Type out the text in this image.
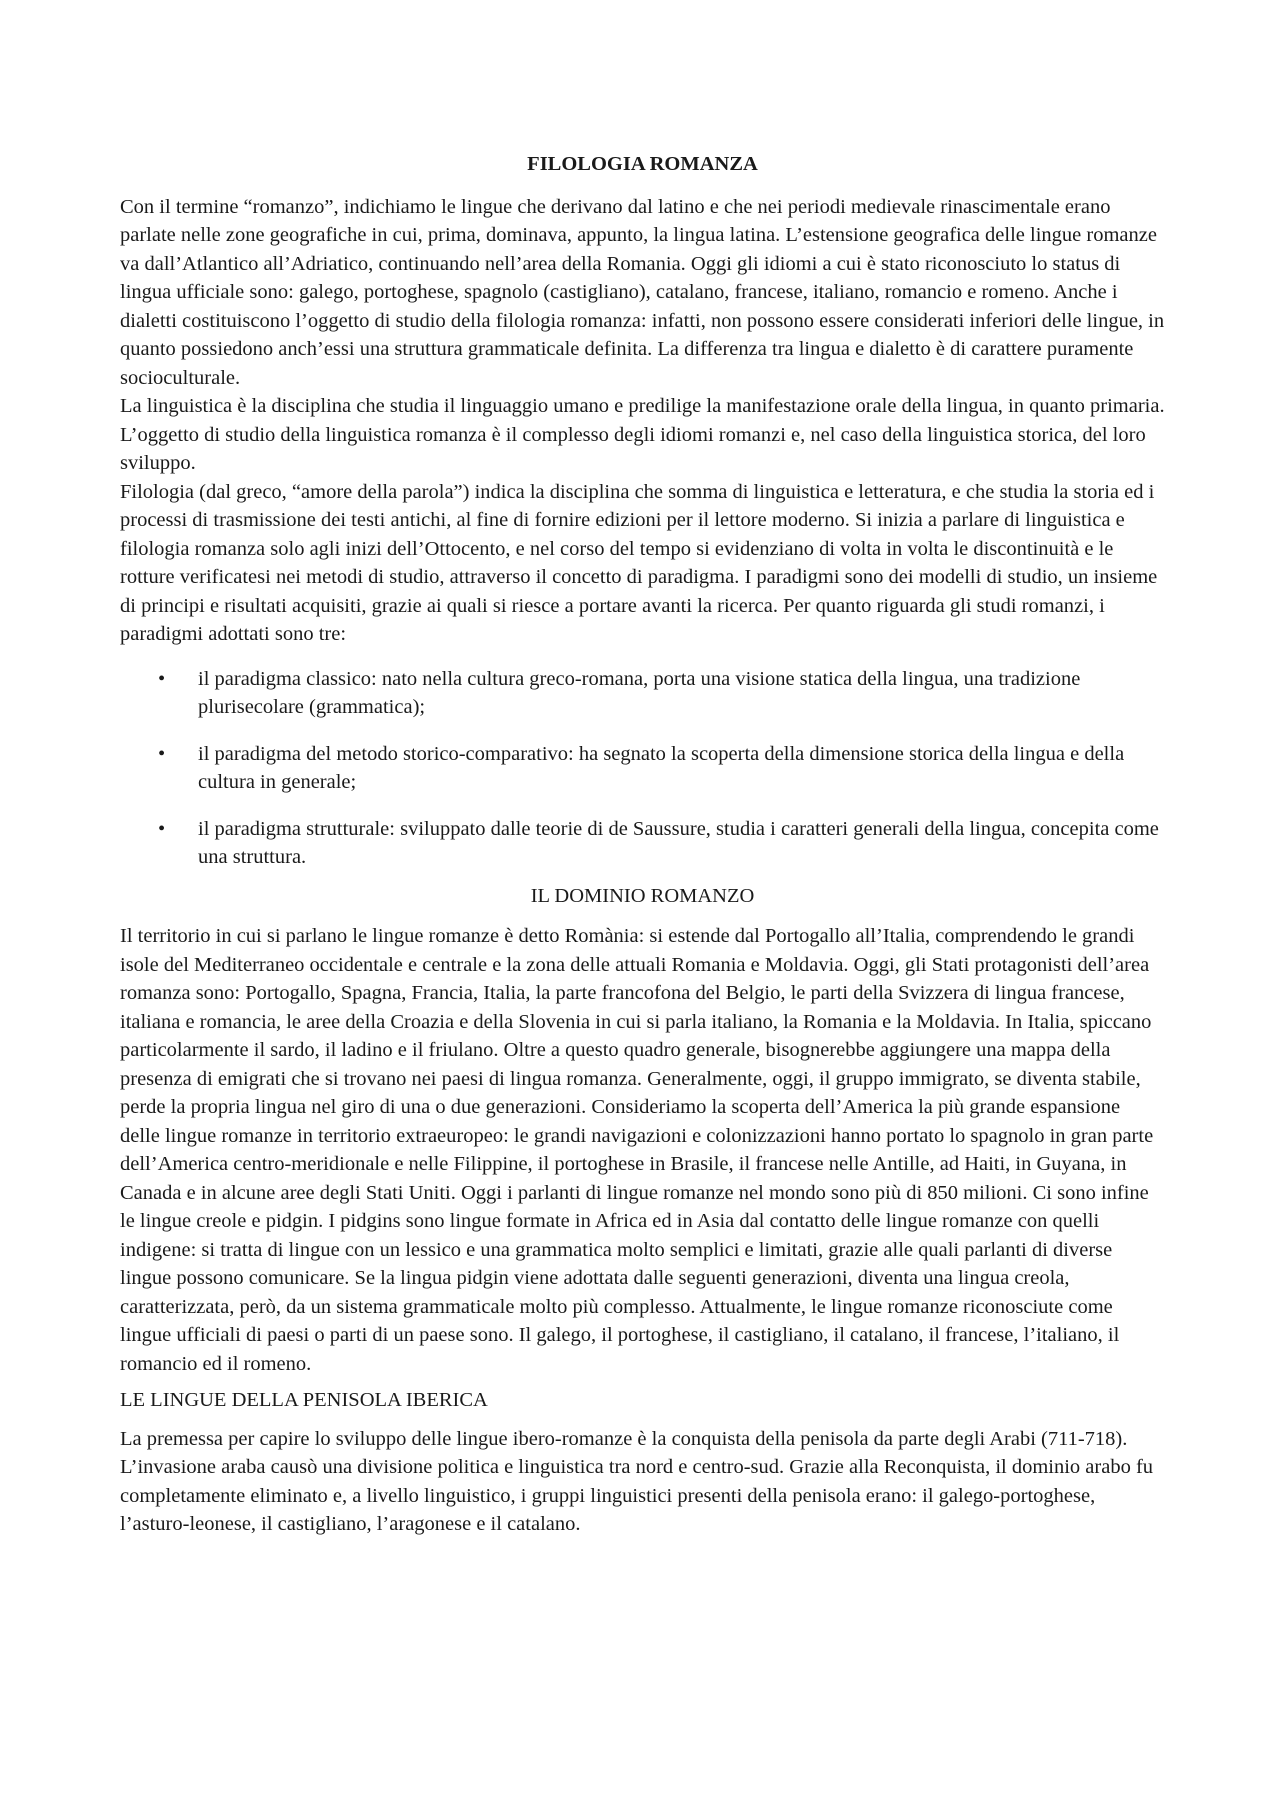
FILOLOGIA ROMANZA

Con il termine “romanzo”, indichiamo le lingue che derivano dal latino e che nei periodi medievale rinascimentale erano parlate nelle zone geografiche in cui, prima, dominava, appunto, la lingua latina. L’estensione geografica delle lingue romanze va dall’Atlantico all’Adriatico, continuando nell’area della Romania. Oggi gli idiomi a cui è stato riconosciuto lo status di lingua ufficiale sono: galego, portoghese, spagnolo (castigliano), catalano, francese, italiano, romancio e romeno. Anche i dialetti costituiscono l’oggetto di studio della filologia romanza: infatti, non possono essere considerati inferiori delle lingue, in quanto possiedono anch’essi una struttura grammaticale definita. La differenza tra lingua e dialetto è di carattere puramente socioculturale.

La linguistica è la disciplina che studia il linguaggio umano e predilige la manifestazione orale della lingua, in quanto primaria. L’oggetto di studio della linguistica romanza è il complesso degli idiomi romanzi e, nel caso della linguistica storica, del loro sviluppo.

Filologia (dal greco, “amore della parola”) indica la disciplina che somma di linguistica e letteratura, e che studia la storia ed i processi di trasmissione dei testi antichi, al fine di fornire edizioni per il lettore moderno. Si inizia a parlare di linguistica e filologia romanza solo agli inizi dell’Ottocento, e nel corso del tempo si evidenziano di volta in volta le discontinuità e le rotture verificatesi nei metodi di studio, attraverso il concetto di paradigma. I paradigmi sono dei modelli di studio, un insieme di principi e risultati acquisiti, grazie ai quali si riesce a portare avanti la ricerca. Per quanto riguarda gli studi romanzi, i paradigmi adottati sono tre:

• il paradigma classico: nato nella cultura greco-romana, porta una visione statica della lingua, una tradizione plurisecolare (grammatica);
• il paradigma del metodo storico-comparativo: ha segnato la scoperta della dimensione storica della lingua e della cultura in generale;
• il paradigma strutturale: sviluppato dalle teorie di de Saussure, studia i caratteri generali della lingua, concepita come una struttura.
IL DOMINIO ROMANZO

Il territorio in cui si parlano le lingue romanze è detto Romània: si estende dal Portogallo all’Italia, comprendendo le grandi isole del Mediterraneo occidentale e centrale e la zona delle attuali Romania e Moldavia. Oggi, gli Stati protagonisti dell’area romanza sono: Portogallo, Spagna, Francia, Italia, la parte francofona del Belgio, le parti della Svizzera di lingua francese, italiana e romancia, le aree della Croazia e della Slovenia in cui si parla italiano, la Romania e la Moldavia. In Italia, spiccano particolarmente il sardo, il ladino e il friulano. Oltre a questo quadro generale, bisognerebbe aggiungere una mappa della presenza di emigrati che si trovano nei paesi di lingua romanza. Generalmente, oggi, il gruppo immigrato, se diventa stabile, perde la propria lingua nel giro di una o due generazioni. Consideriamo la scoperta dell’America la più grande espansione delle lingue romanze in territorio extraeuropeo: le grandi navigazioni e colonizzazioni hanno portato lo spagnolo in gran parte dell’America centro-meridionale e nelle Filippine, il portoghese in Brasile, il francese nelle Antille, ad Haiti, in Guyana, in Canada e in alcune aree degli Stati Uniti. Oggi i parlanti di lingue romanze nel mondo sono più di 850 milioni. Ci sono infine le lingue creole e pidgin. I pidgins sono lingue formate in Africa ed in Asia dal contatto delle lingue romanze con quelli indigene: si tratta di lingue con un lessico e una grammatica molto semplici e limitati, grazie alle quali parlanti di diverse lingue possono comunicare. Se la lingua pidgin viene adottata dalle seguenti generazioni, diventa una lingua creola, caratterizzata, però, da un sistema grammaticale molto più complesso. Attualmente, le lingue romanze riconosciute come lingue ufficiali di paesi o parti di un paese sono. Il galego, il portoghese, il castigliano, il catalano, il francese, l’italiano, il romancio ed il romeno.

LE LINGUE DELLA PENISOLA IBERICA

La premessa per capire lo sviluppo delle lingue ibero-romanze è la conquista della penisola da parte degli Arabi (711-718). L’invasione araba causò una divisione politica e linguistica tra nord e centro-sud. Grazie alla Reconquista, il dominio arabo fu completamente eliminato e, a livello linguistico, i gruppi linguistici presenti della penisola erano: il galego-portoghese, l’asturo-leonese, il castigliano, l’aragonese e il catalano.
